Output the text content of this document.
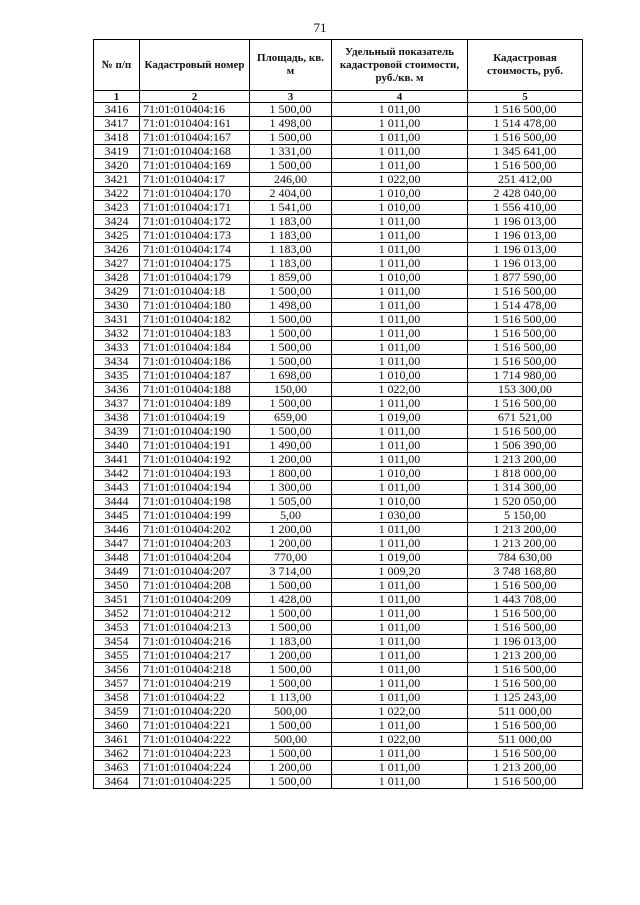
71
№ п/п	Кадастровый номер	Площадь, кв. м	Удельный показатель кадастровой стоимости, руб./кв. м	Кадастровая стоимость, руб.
1	2	3	4	5
3416	71:01:010404:16	1 500,00	1 011,00	1 516 500,00
3417	71:01:010404:161	1 498,00	1 011,00	1 514 478,00
3418	71:01:010404:167	1 500,00	1 011,00	1 516 500,00
3419	71:01:010404:168	1 331,00	1 011,00	1 345 641,00
3420	71:01:010404:169	1 500,00	1 011,00	1 516 500,00
3421	71:01:010404:17	246,00	1 022,00	251 412,00
3422	71:01:010404:170	2 404,00	1 010,00	2 428 040,00
3423	71:01:010404:171	1 541,00	1 010,00	1 556 410,00
3424	71:01:010404:172	1 183,00	1 011,00	1 196 013,00
3425	71:01:010404:173	1 183,00	1 011,00	1 196 013,00
3426	71:01:010404:174	1 183,00	1 011,00	1 196 013,00
3427	71:01:010404:175	1 183,00	1 011,00	1 196 013,00
3428	71:01:010404:179	1 859,00	1 010,00	1 877 590,00
3429	71:01:010404:18	1 500,00	1 011,00	1 516 500,00
3430	71:01:010404:180	1 498,00	1 011,00	1 514 478,00
3431	71:01:010404:182	1 500,00	1 011,00	1 516 500,00
3432	71:01:010404:183	1 500,00	1 011,00	1 516 500,00
3433	71:01:010404:184	1 500,00	1 011,00	1 516 500,00
3434	71:01:010404:186	1 500,00	1 011,00	1 516 500,00
3435	71:01:010404:187	1 698,00	1 010,00	1 714 980,00
3436	71:01:010404:188	150,00	1 022,00	153 300,00
3437	71:01:010404:189	1 500,00	1 011,00	1 516 500,00
3438	71:01:010404:19	659,00	1 019,00	671 521,00
3439	71:01:010404:190	1 500,00	1 011,00	1 516 500,00
3440	71:01:010404:191	1 490,00	1 011,00	1 506 390,00
3441	71:01:010404:192	1 200,00	1 011,00	1 213 200,00
3442	71:01:010404:193	1 800,00	1 010,00	1 818 000,00
3443	71:01:010404:194	1 300,00	1 011,00	1 314 300,00
3444	71:01:010404:198	1 505,00	1 010,00	1 520 050,00
3445	71:01:010404:199	5,00	1 030,00	5 150,00
3446	71:01:010404:202	1 200,00	1 011,00	1 213 200,00
3447	71:01:010404:203	1 200,00	1 011,00	1 213 200,00
3448	71:01:010404:204	770,00	1 019,00	784 630,00
3449	71:01:010404:207	3 714,00	1 009,20	3 748 168,80
3450	71:01:010404:208	1 500,00	1 011,00	1 516 500,00
3451	71:01:010404:209	1 428,00	1 011,00	1 443 708,00
3452	71:01:010404:212	1 500,00	1 011,00	1 516 500,00
3453	71:01:010404:213	1 500,00	1 011,00	1 516 500,00
3454	71:01:010404:216	1 183,00	1 011,00	1 196 013,00
3455	71:01:010404:217	1 200,00	1 011,00	1 213 200,00
3456	71:01:010404:218	1 500,00	1 011,00	1 516 500,00
3457	71:01:010404:219	1 500,00	1 011,00	1 516 500,00
3458	71:01:010404:22	1 113,00	1 011,00	1 125 243,00
3459	71:01:010404:220	500,00	1 022,00	511 000,00
3460	71:01:010404:221	1 500,00	1 011,00	1 516 500,00
3461	71:01:010404:222	500,00	1 022,00	511 000,00
3462	71:01:010404:223	1 500,00	1 011,00	1 516 500,00
3463	71:01:010404:224	1 200,00	1 011,00	1 213 200,00
3464	71:01:010404:225	1 500,00	1 011,00	1 516 500,00
